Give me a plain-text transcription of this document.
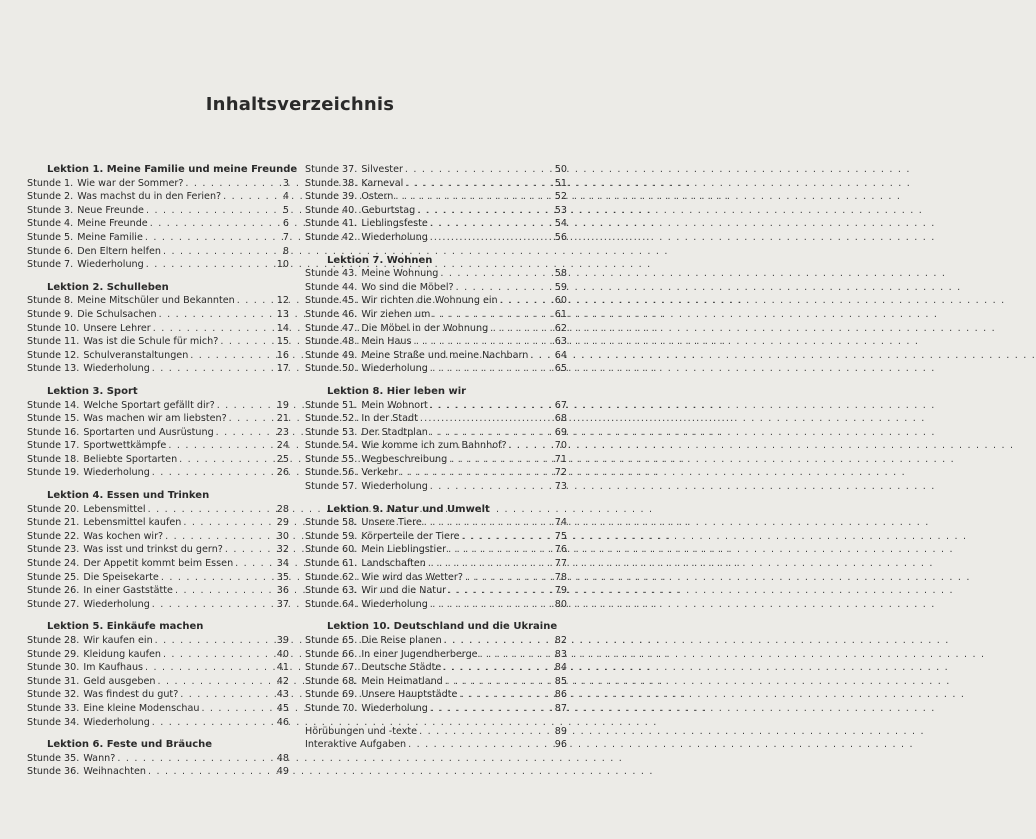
Inhaltsverzeichnis
Lektion 1. Meine Familie und meine Freunde
Stunde 1. Wie war der Sommer? . . .	3
Stunde 2. Was machst du in den Ferien? . . .	4
Stunde 3. Neue Freunde . . .	5
Stunde 4. Meine Freunde . . .	6
Stunde 5. Meine Familie . . .	7
Stunde 6. Den Eltern helfen . . .	8
Stunde 7. Wiederholung . . .	10
Lektion 2. Schulleben
Stunde 8. Meine Mitschüler und Bekannten . . .	12
Stunde 9. Die Schulsachen . . .	13
Stunde 10. Unsere Lehrer . . .	14
Stunde 11. Was ist die Schule für mich? . . .	15
Stunde 12. Schulveranstaltungen . . .	16
Stunde 13. Wiederholung . . .	17
Lektion 3. Sport
Stunde 14. Welche Sportart gefällt dir? . . .	19
Stunde 15. Was machen wir am liebsten? . . .	21
Stunde 16. Sportarten und Ausrüstung . . .	23
Stunde 17. Sportwettkämpfe . . .	24
Stunde 18. Beliebte Sportarten . . .	25
Stunde 19. Wiederholung . . .	26
Lektion 4. Essen und Trinken
Stunde 20. Lebensmittel . . .	28
Stunde 21. Lebensmittel kaufen . . .	29
Stunde 22. Was kochen wir? . . .	30
Stunde 23. Was isst und trinkst du gern? . . .	32
Stunde 24. Der Appetit kommt beim Essen . . .	34
Stunde 25. Die Speisekarte . . .	35
Stunde 26. In einer Gaststätte . . .	36
Stunde 27. Wiederholung . . .	37
Lektion 5. Einkäufe machen
Stunde 28. Wir kaufen ein . . .	39
Stunde 29. Kleidung kaufen . . .	40
Stunde 30. Im Kaufhaus . . .	41
Stunde 31. Geld ausgeben . . .	42
Stunde 32. Was findest du gut? . . .	43
Stunde 33. Eine kleine Modenschau . . .	45
Stunde 34. Wiederholung . . .	46
Lektion 6. Feste und Bräuche
Stunde 35. Wann? . . .	48
Stunde 36. Weihnachten . . .	49
Stunde 37. Silvester . . .	50
Stunde 38. Karneval . . .	51
Stunde 39. Ostern . . .	52
Stunde 40. Geburtstag . . .	53
Stunde 41. Lieblingsfeste . . .	54
Stunde 42. Wiederholung . . .	56
Lektion 7. Wohnen
Stunde 43. Meine Wohnung . . .	58
Stunde 44. Wo sind die Möbel? . . .	59
Stunde 45. Wir richten die Wohnung ein . . .	60
Stunde 46. Wir ziehen um . . .	61
Stunde 47. Die Möbel in der Wohnung . . .	62
Stunde 48. Mein Haus . . .	63
Stunde 49. Meine Straße und meine Nachbarn . . .	64
Stunde 50. Wiederholung . . .	65
Lektion 8. Hier leben wir
Stunde 51. Mein Wohnort . . .	67
Stunde 52. In der Stadt . . .	68
Stunde 53. Der Stadtplan . . .	69
Stunde 54. Wie komme ich zum Bahnhof? . . .	70
Stunde 55. Wegbeschreibung . . .	71
Stunde 56. Verkehr . . .	72
Stunde 57. Wiederholung . . .	73
Lektion 9. Natur und Umwelt
Stunde 58. Unsere Tiere . . .	74
Stunde 59. Körperteile der Tiere . . .	75
Stunde 60. Mein Lieblingstier . . .	76
Stunde 61. Landschaften . . .	77
Stunde 62. Wie wird das Wetter? . . .	78
Stunde 63. Wir und die Natur . . .	79
Stunde 64. Wiederholung . . .	80
Lektion 10. Deutschland und die Ukraine
Stunde 65. Die Reise planen . . .	82
Stunde 66. In einer Jugendherberge . . .	83
Stunde 67. Deutsche Städte . . .	84
Stunde 68. Mein Heimatland . . .	85
Stunde 69. Unsere Hauptstädte . . .	86
Stunde 70. Wiederholung . . .	87
Hörübungen und -texte . . .	89
Interaktive Aufgaben . . .	96
